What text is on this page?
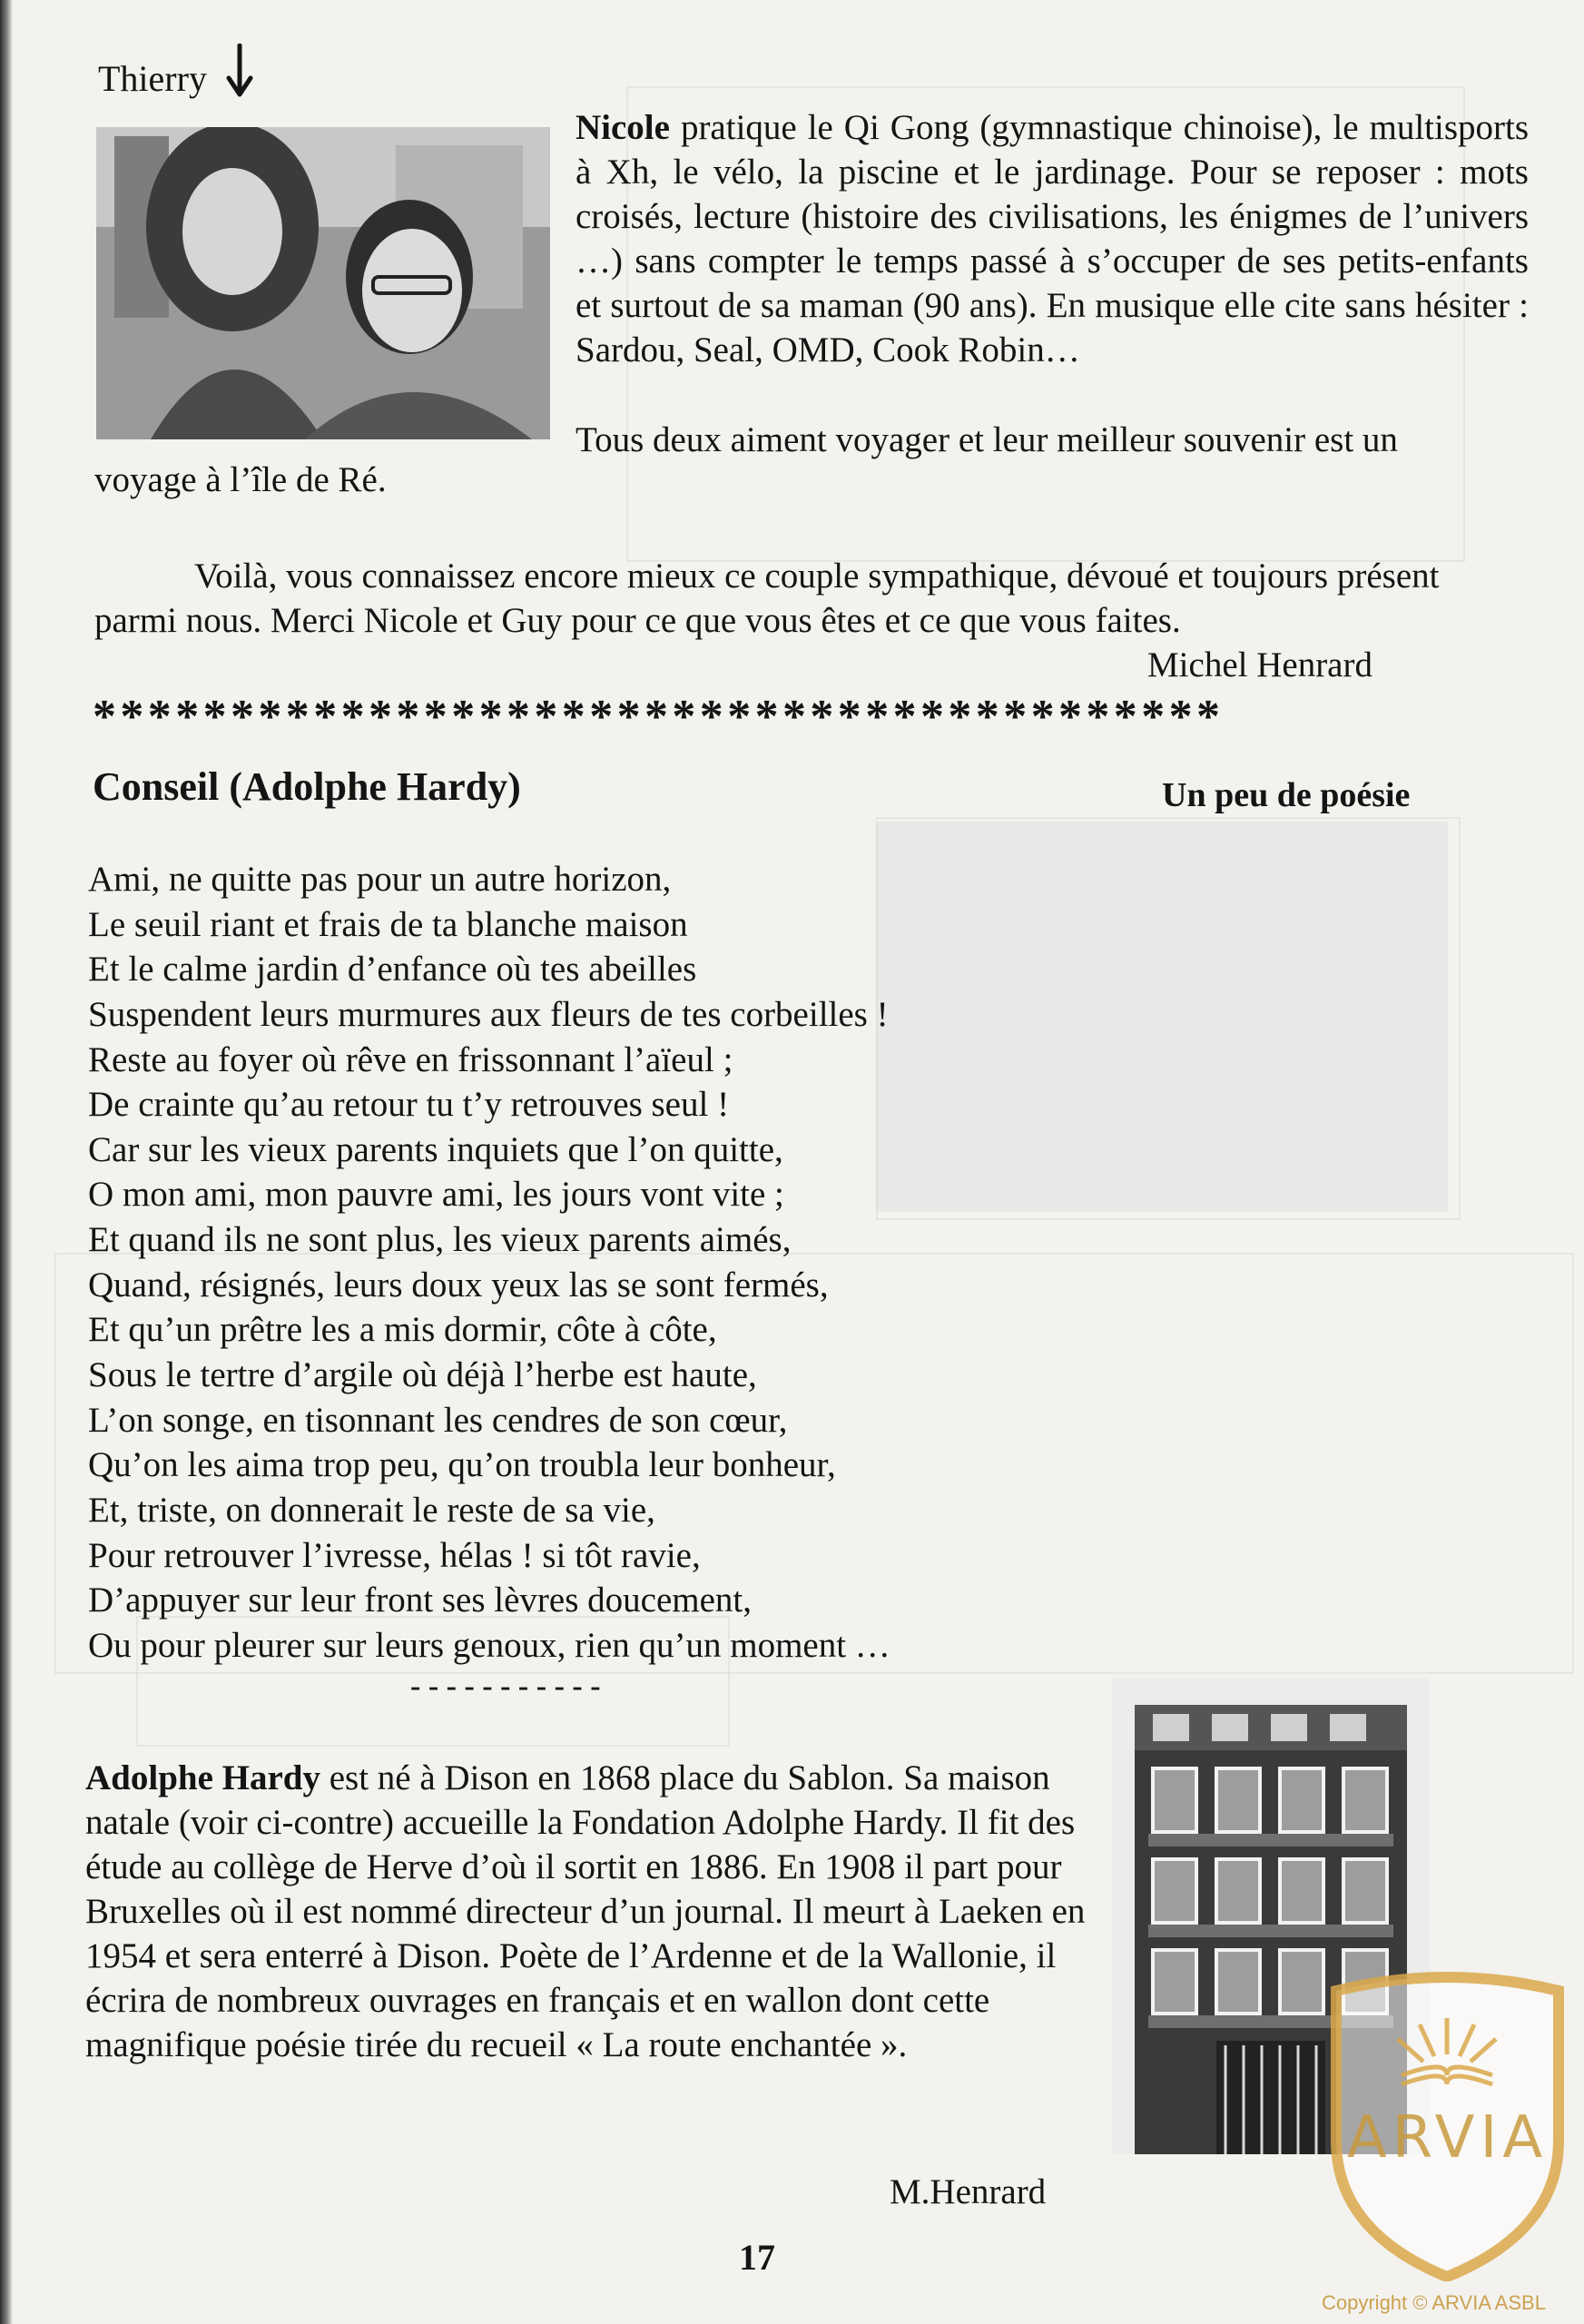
Thierry

Nicole pratique le Qi Gong (gymnastique chinoise), le multisports à Xh, le vélo, la piscine et le jardinage. Pour se reposer : mots croisés, lecture (histoire des civilisations, les énigmes de l’univers …) sans compter le temps passé à s’occuper de ses petits-enfants et surtout de sa maman (90 ans). En musique elle cite sans hésiter : Sardou, Seal, OMD, Cook Robin…

Tous deux aiment voyager et leur meilleur souvenir est un

voyage à l’île de Ré.

Voilà, vous connaissez encore mieux ce couple sympathique, dévoué et toujours présent parmi nous. Merci Nicole et Guy pour ce que vous êtes et ce que vous faites.

Michel Henrard

*****************************************
Conseil (Adolphe Hardy)	Un peu de poésie
Ami, ne quitte pas pour un autre horizon,
Le seuil riant et frais de ta blanche maison
Et le calme jardin d’enfance où tes abeilles
Suspendent leurs murmures aux fleurs de tes corbeilles !
Reste au foyer où rêve en frissonnant l’aïeul ;
De crainte qu’au retour tu t’y retrouves seul !
Car sur les vieux parents inquiets que l’on quitte,
O mon ami, mon pauvre ami, les jours vont vite ;
Et quand ils ne sont plus, les vieux parents aimés,
Quand, résignés, leurs doux yeux las se sont fermés,
Et qu’un prêtre les a mis dormir, côte à côte,
Sous le tertre d’argile où déjà l’herbe est haute,
L’on songe, en tisonnant les cendres de son cœur,
Qu’on les aima trop peu, qu’on troubla leur bonheur,
Et, triste, on donnerait le reste de sa vie,
Pour retrouver l’ivresse, hélas ! si tôt ravie,
D’appuyer sur leur front ses lèvres doucement,
Ou pour pleurer sur leurs genoux, rien qu’un moment …
- - - - - - - - - - -

Adolphe Hardy est né à Dison en 1868 place du Sablon. Sa maison natale (voir ci-contre) accueille la Fondation Adolphe Hardy. Il fit des étude au collège de Herve d’où il sortit en 1886. En 1908 il part pour Bruxelles où il est nommé directeur d’un journal. Il meurt à Laeken en 1954 et sera enterré à Dison. Poète de l’Ardenne et de la Wallonie, il écrira de nombreux ouvrages en français et en wallon dont cette magnifique poésie tirée du recueil « La route enchantée ».

M.Henrard

17
ARVIA
Copyright © ARVIA ASBL
